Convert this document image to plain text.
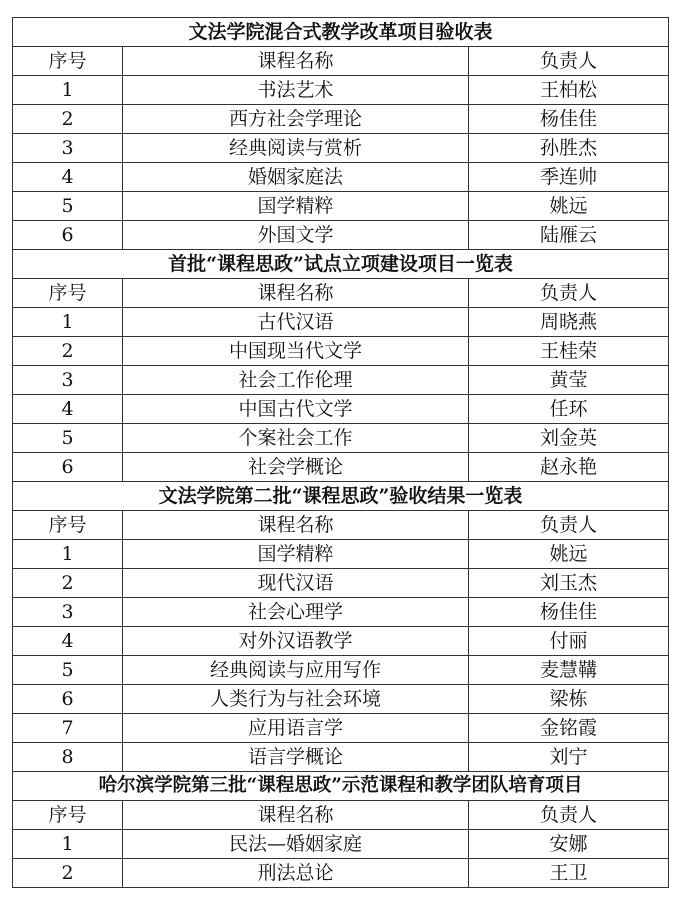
文法学院混合式教学改革项目验收表		
序号	课程名称	负责人
1	书法艺术	王柏松
2	西方社会学理论	杨佳佳
3	经典阅读与赏析	孙胜杰
4	婚姻家庭法	季连帅
5	国学精粹	姚远
6	外国文学	陆雁云
首批“课程思政”试点立项建设项目一览表		
序号	课程名称	负责人
1	古代汉语	周晓燕
2	中国现当代文学	王桂荣
3	社会工作伦理	黄莹
4	中国古代文学	任环
5	个案社会工作	刘金英
6	社会学概论	赵永艳
文法学院第二批“课程思政”验收结果一览表		
序号	课程名称	负责人
1	国学精粹	姚远
2	现代汉语	刘玉杰
3	社会心理学	杨佳佳
4	对外汉语教学	付丽
5	经典阅读与应用写作	麦慧鞲
6	人类行为与社会环境	梁栋
7	应用语言学	金铭霞
8	语言学概论	刘宁
哈尔滨学院第三批“课程思政”示范课程和教学团队培育项目		
序号	课程名称	负责人
1	民法—婚姻家庭	安娜
2	刑法总论	王卫
